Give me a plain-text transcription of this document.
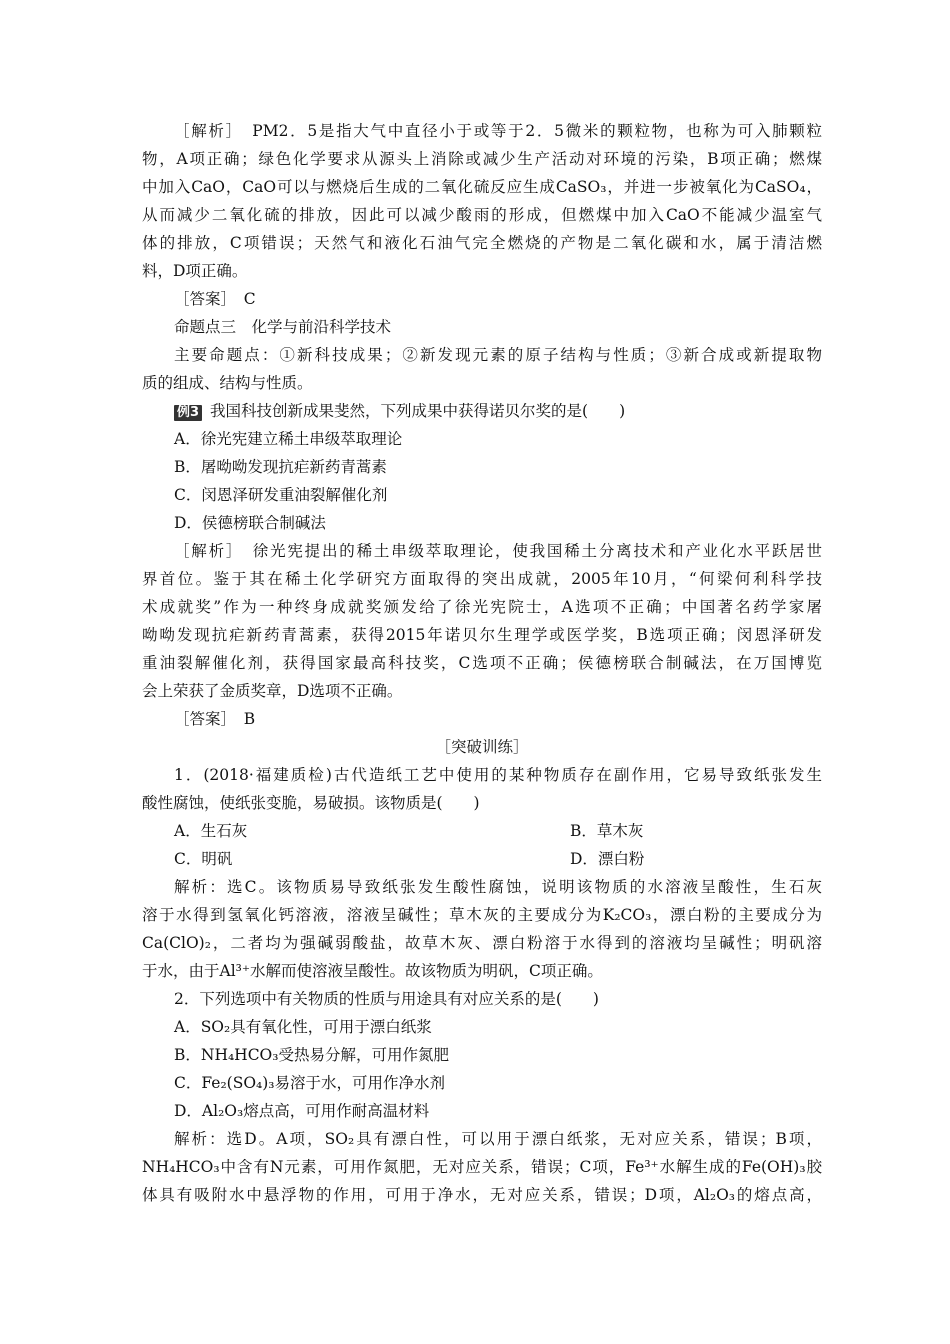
［解析］　PM2．5是指大气中直径小于或等于2．5微米的颗粒物，也称为可入肺颗粒
物，A项正确；绿色化学要求从源头上消除或减少生产活动对环境的污染，B项正确；燃煤
中加入CaO，CaO可以与燃烧后生成的二氧化硫反应生成CaSO₃，并进一步被氧化为CaSO₄，
从而减少二氧化硫的排放，因此可以减少酸雨的形成，但燃煤中加入CaO不能减少温室气
体的排放，C项错误；天然气和液化石油气完全燃烧的产物是二氧化碳和水，属于清洁燃
料，D项正确。
［答案］　C
命题点三　化学与前沿科学技术
主要命题点：①新科技成果；②新发现元素的原子结构与性质；③新合成或新提取物
质的组成、结构与性质。
例3 我国科技创新成果斐然，下列成果中获得诺贝尔奖的是(　　)
A．徐光宪建立稀土串级萃取理论
B．屠呦呦发现抗疟新药青蒿素
C．闵恩泽研发重油裂解催化剂
D．侯德榜联合制碱法
［解析］　徐光宪提出的稀土串级萃取理论，使我国稀土分离技术和产业化水平跃居世
界首位。鉴于其在稀土化学研究方面取得的突出成就，2005年10月，“何梁何利科学技
术成就奖”作为一种终身成就奖颁发给了徐光宪院士，A选项不正确；中国著名药学家屠
呦呦发现抗疟新药青蒿素，获得2015年诺贝尔生理学或医学奖，B选项正确；闵恩泽研发
重油裂解催化剂，获得国家最高科技奖，C选项不正确；侯德榜联合制碱法，在万国博览
会上荣获了金质奖章，D选项不正确。
［答案］　B
［突破训练］
1．(2018·福建质检)古代造纸工艺中使用的某种物质存在副作用，它易导致纸张发生
酸性腐蚀，使纸张变脆，易破损。该物质是(　　)
A．生石灰	B．草木灰
C．明矾	D．漂白粉
解析：选C。该物质易导致纸张发生酸性腐蚀，说明该物质的水溶液呈酸性，生石灰
溶于水得到氢氧化钙溶液，溶液呈碱性；草木灰的主要成分为K₂CO₃，漂白粉的主要成分为
Ca(ClO)₂，二者均为强碱弱酸盐，故草木灰、漂白粉溶于水得到的溶液均呈碱性；明矾溶
于水，由于Al³⁺水解而使溶液呈酸性。故该物质为明矾，C项正确。
2．下列选项中有关物质的性质与用途具有对应关系的是(　　)
A．SO₂具有氧化性，可用于漂白纸浆
B．NH₄HCO₃受热易分解，可用作氮肥
C．Fe₂(SO₄)₃易溶于水，可用作净水剂
D．Al₂O₃熔点高，可用作耐高温材料
解析：选D。A项，SO₂具有漂白性，可以用于漂白纸浆，无对应关系，错误；B项，
NH₄HCO₃中含有N元素，可用作氮肥，无对应关系，错误；C项，Fe³⁺水解生成的Fe(OH)₃胶
体具有吸附水中悬浮物的作用，可用于净水，无对应关系，错误；D项，Al₂O₃的熔点高，
